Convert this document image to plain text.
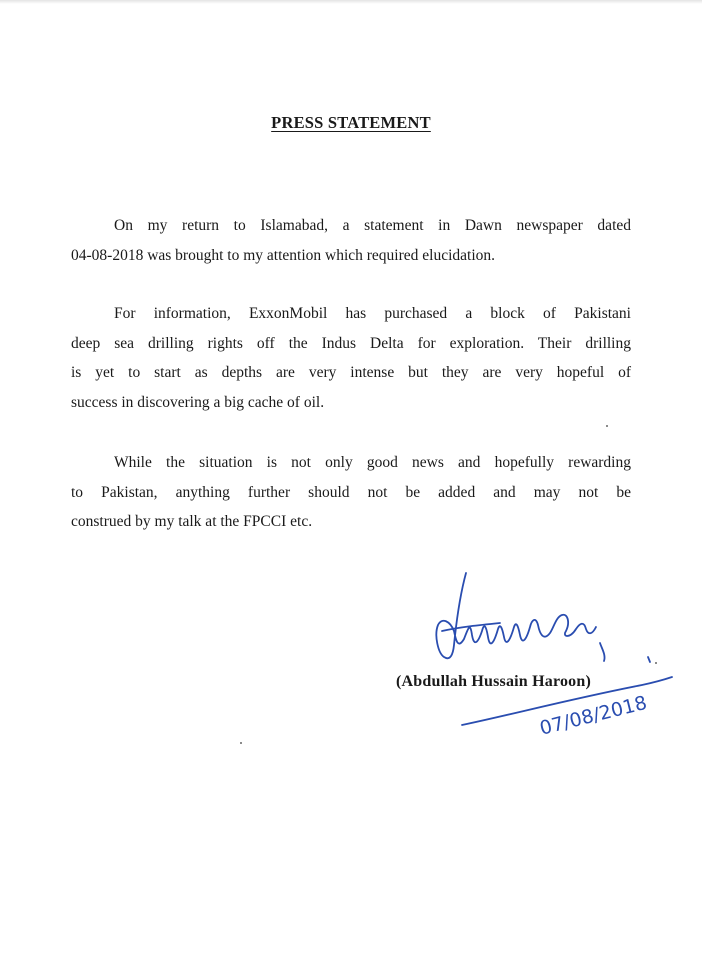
PRESS STATEMENT
On my return to Islamabad, a statement in Dawn newspaper dated
04-08-2018 was brought to my attention which required elucidation.
For information, ExxonMobil has purchased a block of Pakistani
deep sea drilling rights off the Indus Delta for exploration. Their drilling
is yet to start as depths are very intense but they are very hopeful of
success in discovering a big cache of oil.
While the situation is not only good news and hopefully rewarding
to Pakistan, anything further should not be added and may not be
construed by my talk at the FPCCI etc.
(Abdullah Hussain Haroon)
07/08/2018
